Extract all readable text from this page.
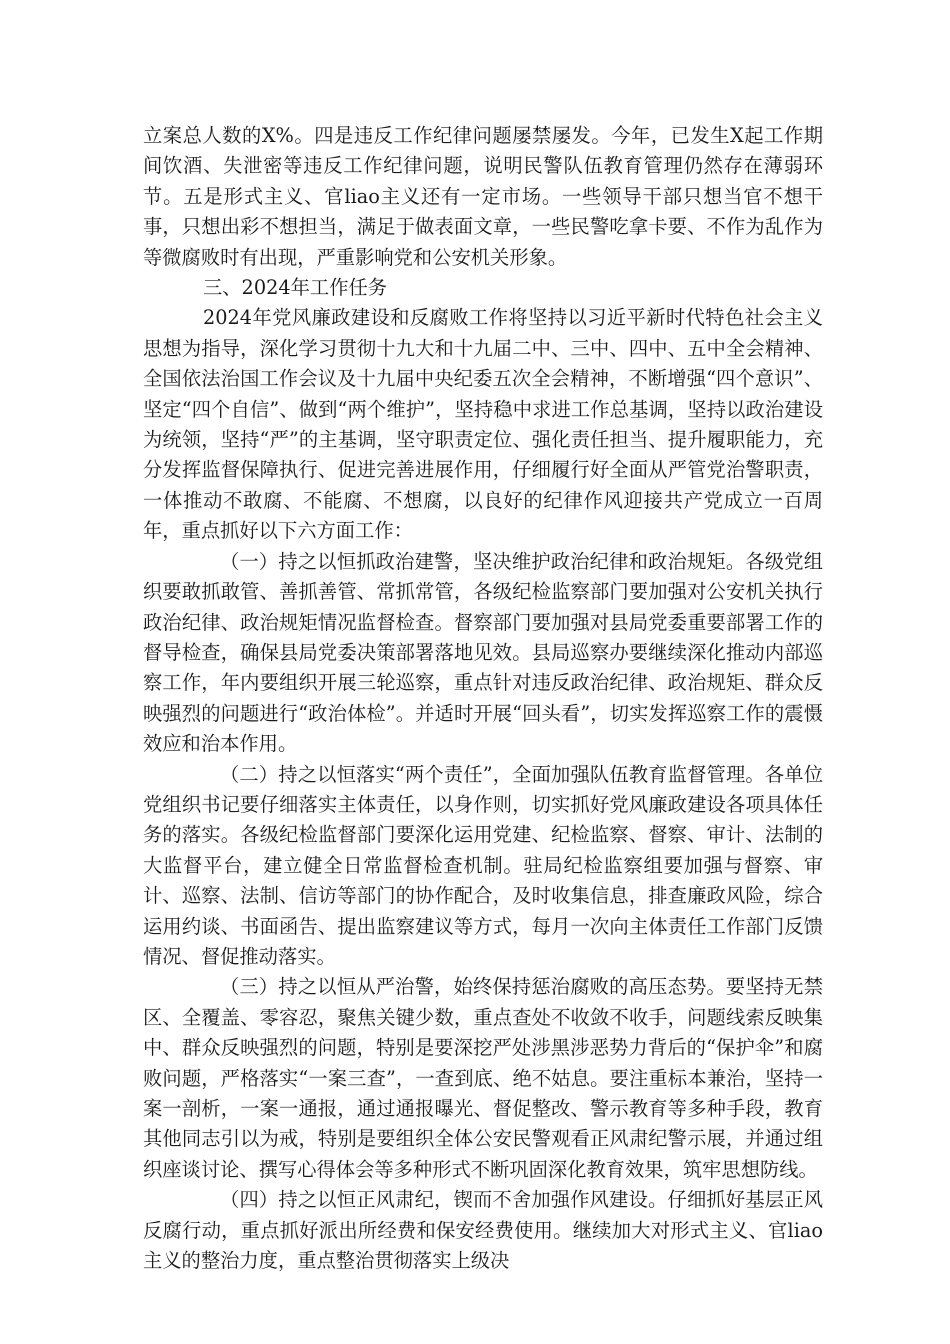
立案总人数的X%。四是违反工作纪律问题屡禁屡发。今年，已发生X起工作期间饮酒、失泄密等违反工作纪律问题，说明民警队伍教育管理仍然存在薄弱环节。五是形式主义、官liao主义还有一定市场。一些领导干部只想当官不想干事，只想出彩不想担当，满足于做表面文章，一些民警吃拿卡要、不作为乱作为等微腐败时有出现，严重影响党和公安机关形象。

三、2024年工作任务

2024年党风廉政建设和反腐败工作将坚持以习近平新时代特色社会主义思想为指导，深化学习贯彻十九大和十九届二中、三中、四中、五中全会精神、全国依法治国工作会议及十九届中央纪委五次全会精神，不断增强“四个意识”、坚定“四个自信”、做到“两个维护”，坚持稳中求进工作总基调，坚持以政治建设为统领，坚持“严”的主基调，坚守职责定位、强化责任担当、提升履职能力，充分发挥监督保障执行、促进完善进展作用，仔细履行好全面从严管党治警职责，一体推动不敢腐、不能腐、不想腐，以良好的纪律作风迎接共产党成立一百周年，重点抓好以下六方面工作：

（一）持之以恒抓政治建警，坚决维护政治纪律和政治规矩。各级党组织要敢抓敢管、善抓善管、常抓常管，各级纪检监察部门要加强对公安机关执行政治纪律、政治规矩情况监督检查。督察部门要加强对县局党委重要部署工作的督导检查，确保县局党委决策部署落地见效。县局巡察办要继续深化推动内部巡察工作，年内要组织开展三轮巡察，重点针对违反政治纪律、政治规矩、群众反映强烈的问题进行“政治体检”。并适时开展“回头看”，切实发挥巡察工作的震慑效应和治本作用。

（二）持之以恒落实“两个责任”，全面加强队伍教育监督管理。各单位党组织书记要仔细落实主体责任，以身作则，切实抓好党风廉政建设各项具体任务的落实。各级纪检监督部门要深化运用党建、纪检监察、督察、审计、法制的大监督平台，建立健全日常监督检查机制。驻局纪检监察组要加强与督察、审计、巡察、法制、信访等部门的协作配合，及时收集信息，排查廉政风险，综合运用约谈、书面函告、提出监察建议等方式，每月一次向主体责任工作部门反馈情况、督促推动落实。

（三）持之以恒从严治警，始终保持惩治腐败的高压态势。要坚持无禁区、全覆盖、零容忍，聚焦关键少数，重点查处不收敛不收手，问题线索反映集中、群众反映强烈的问题，特别是要深挖严处涉黑涉恶势力背后的“保护伞”和腐败问题，严格落实“一案三查”，一查到底、绝不姑息。要注重标本兼治，坚持一案一剖析，一案一通报，通过通报曝光、督促整改、警示教育等多种手段，教育其他同志引以为戒，特别是要组织全体公安民警观看正风肃纪警示展，并通过组织座谈讨论、撰写心得体会等多种形式不断巩固深化教育效果，筑牢思想防线。

（四）持之以恒正风肃纪，锲而不舍加强作风建设。仔细抓好基层正风反腐行动，重点抓好派出所经费和保安经费使用。继续加大对形式主义、官liao主义的整治力度，重点整治贯彻落实上级决
